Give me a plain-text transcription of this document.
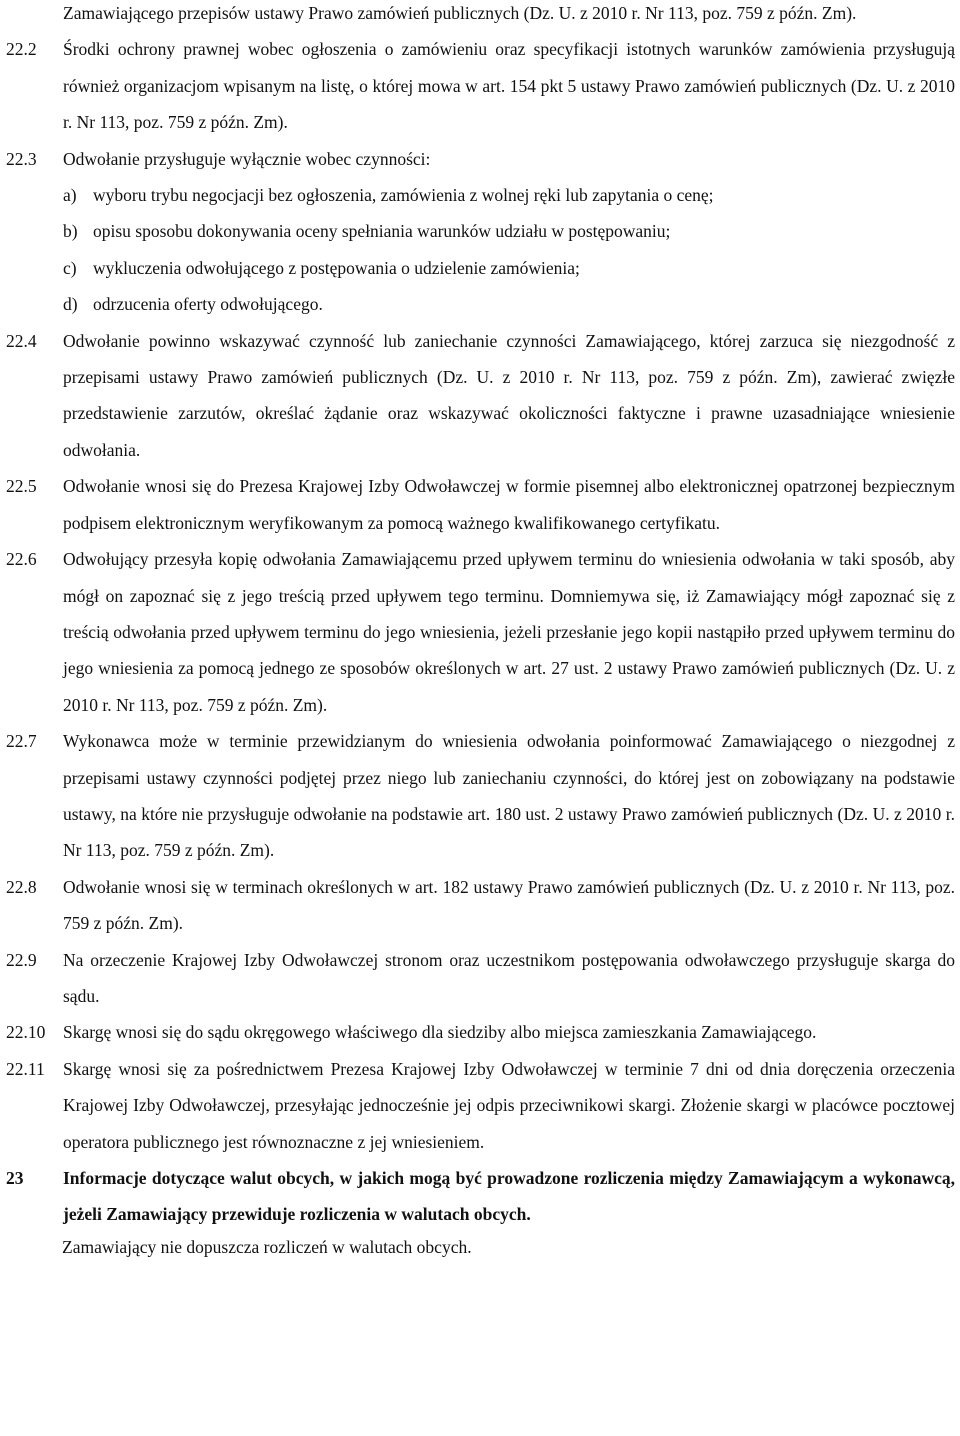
Zamawiającego przepisów ustawy Prawo zamówień publicznych (Dz. U. z 2010 r. Nr 113, poz. 759 z późn. Zm).
22.2	Środki ochrony prawnej wobec ogłoszenia o zamówieniu oraz specyfikacji istotnych warunków zamówienia przysługują również organizacjom wpisanym na listę, o której mowa w art. 154 pkt 5 ustawy Prawo zamówień publicznych (Dz. U. z 2010 r. Nr 113, poz. 759 z późn. Zm).
22.3	Odwołanie przysługuje wyłącznie wobec czynności:
a) wyboru trybu negocjacji bez ogłoszenia, zamówienia z wolnej ręki lub zapytania o cenę;
b) opisu sposobu dokonywania oceny spełniania warunków udziału w postępowaniu;
c) wykluczenia odwołującego z postępowania o udzielenie zamówienia;
d) odrzucenia oferty odwołującego.
22.4	Odwołanie powinno wskazywać czynność lub zaniechanie czynności Zamawiającego, której zarzuca się niezgodność z przepisami ustawy Prawo zamówień publicznych (Dz. U. z 2010 r. Nr 113, poz. 759 z późn. Zm), zawierać zwięzłe przedstawienie zarzutów, określać żądanie oraz wskazywać okoliczności faktyczne i prawne uzasadniające wniesienie odwołania.
22.5	Odwołanie wnosi się do Prezesa Krajowej Izby Odwoławczej w formie pisemnej albo elektronicznej opatrzonej bezpiecznym podpisem elektronicznym weryfikowanym za pomocą ważnego kwalifikowanego certyfikatu.
22.6	Odwołujący przesyła kopię odwołania Zamawiającemu przed upływem terminu do wniesienia odwołania w taki sposób, aby mógł on zapoznać się z jego treścią przed upływem tego terminu. Domniemywa się, iż Zamawiający mógł zapoznać się z treścią odwołania przed upływem terminu do jego wniesienia, jeżeli przesłanie jego kopii nastąpiło przed upływem terminu do jego wniesienia za pomocą jednego ze sposobów określonych w art. 27 ust. 2 ustawy Prawo zamówień publicznych (Dz. U. z 2010 r. Nr 113, poz. 759 z późn. Zm).
22.7	Wykonawca może w terminie przewidzianym do wniesienia odwołania poinformować Zamawiającego o niezgodnej z przepisami ustawy czynności podjętej przez niego lub zaniechaniu czynności, do której jest on zobowiązany na podstawie ustawy, na które nie przysługuje odwołanie na podstawie art. 180 ust. 2 ustawy Prawo zamówień publicznych (Dz. U. z 2010 r. Nr 113, poz. 759 z późn. Zm).
22.8	Odwołanie wnosi się w terminach określonych w art. 182 ustawy Prawo zamówień publicznych (Dz. U. z 2010 r. Nr 113, poz. 759 z późn. Zm).
22.9	Na orzeczenie Krajowej Izby Odwoławczej stronom oraz uczestnikom postępowania odwoławczego przysługuje skarga do sądu.
22.10	Skargę wnosi się do sądu okręgowego właściwego dla siedziby albo miejsca zamieszkania Zamawiającego.
22.11	Skargę wnosi się za pośrednictwem Prezesa Krajowej Izby Odwoławczej w terminie 7 dni od dnia doręczenia orzeczenia Krajowej Izby Odwoławczej, przesyłając jednocześnie jej odpis przeciwnikowi skargi. Złożenie skargi w placówce pocztowej operatora publicznego jest równoznaczne z jej wniesieniem.
23	Informacje dotyczące walut obcych, w jakich mogą być prowadzone rozliczenia między Zamawiającym a wykonawcą, jeżeli Zamawiający przewiduje rozliczenia w walutach obcych.
Zamawiający nie dopuszcza rozliczeń w walutach obcych.
